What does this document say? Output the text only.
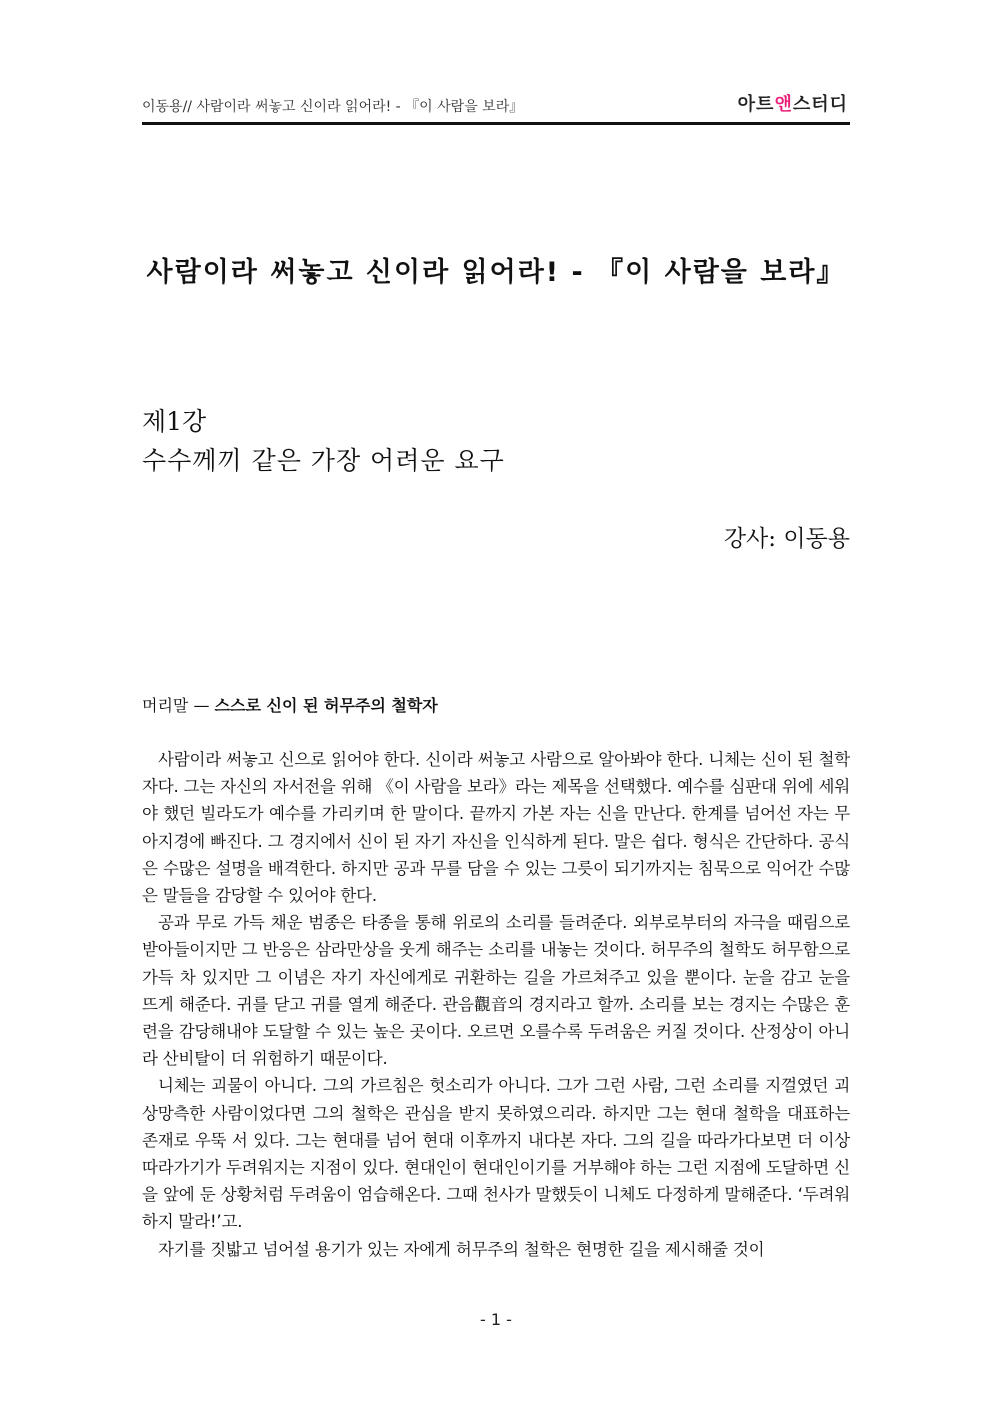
이동용// 사람이라 써놓고 신이라 읽어라! - 『이 사람을 보라』	아트앤스터디
사람이라 써놓고 신이라 읽어라! - 『이 사람을 보라』
제1강
수수께끼 같은 가장 어려운 요구
강사: 이동용
머리말 — 스스로 신이 된 허무주의 철학자

사람이라 써놓고 신으로 읽어야 한다. 신이라 써놓고 사람으로 알아봐야 한다. 니체는 신이 된 철학자다. 그는 자신의 자서전을 위해 《이 사람을 보라》라는 제목을 선택했다. 예수를 심판대 위에 세워야 했던 빌라도가 예수를 가리키며 한 말이다. 끝까지 가본 자는 신을 만난다. 한계를 넘어선 자는 무아지경에 빠진다. 그 경지에서 신이 된 자기 자신을 인식하게 된다. 말은 쉽다. 형식은 간단하다. 공식은 수많은 설명을 배격한다. 하지만 공과 무를 담을 수 있는 그릇이 되기까지는 침묵으로 익어간 수많은 말들을 감당할 수 있어야 한다.

공과 무로 가득 채운 범종은 타종을 통해 위로의 소리를 들려준다. 외부로부터의 자극을 때림으로 받아들이지만 그 반응은 삼라만상을 웃게 해주는 소리를 내놓는 것이다. 허무주의 철학도 허무함으로 가득 차 있지만 그 이념은 자기 자신에게로 귀환하는 길을 가르쳐주고 있을 뿐이다. 눈을 감고 눈을 뜨게 해준다. 귀를 닫고 귀를 열게 해준다. 관음觀音의 경지라고 할까. 소리를 보는 경지는 수많은 훈련을 감당해내야 도달할 수 있는 높은 곳이다. 오르면 오를수록 두려움은 커질 것이다. 산정상이 아니라 산비탈이 더 위험하기 때문이다.

니체는 괴물이 아니다. 그의 가르침은 헛소리가 아니다. 그가 그런 사람, 그런 소리를 지껄였던 괴상망측한 사람이었다면 그의 철학은 관심을 받지 못하였으리라. 하지만 그는 현대 철학을 대표하는 존재로 우뚝 서 있다. 그는 현대를 넘어 현대 이후까지 내다본 자다. 그의 길을 따라가다보면 더 이상 따라가기가 두려워지는 지점이 있다. 현대인이 현대인이기를 거부해야 하는 그런 지점에 도달하면 신을 앞에 둔 상황처럼 두려움이 엄습해온다. 그때 천사가 말했듯이 니체도 다정하게 말해준다. ‘두려워하지 말라!’고.

자기를 짓밟고 넘어설 용기가 있는 자에게 허무주의 철학은 현명한 길을 제시해줄 것이

- 1 -
